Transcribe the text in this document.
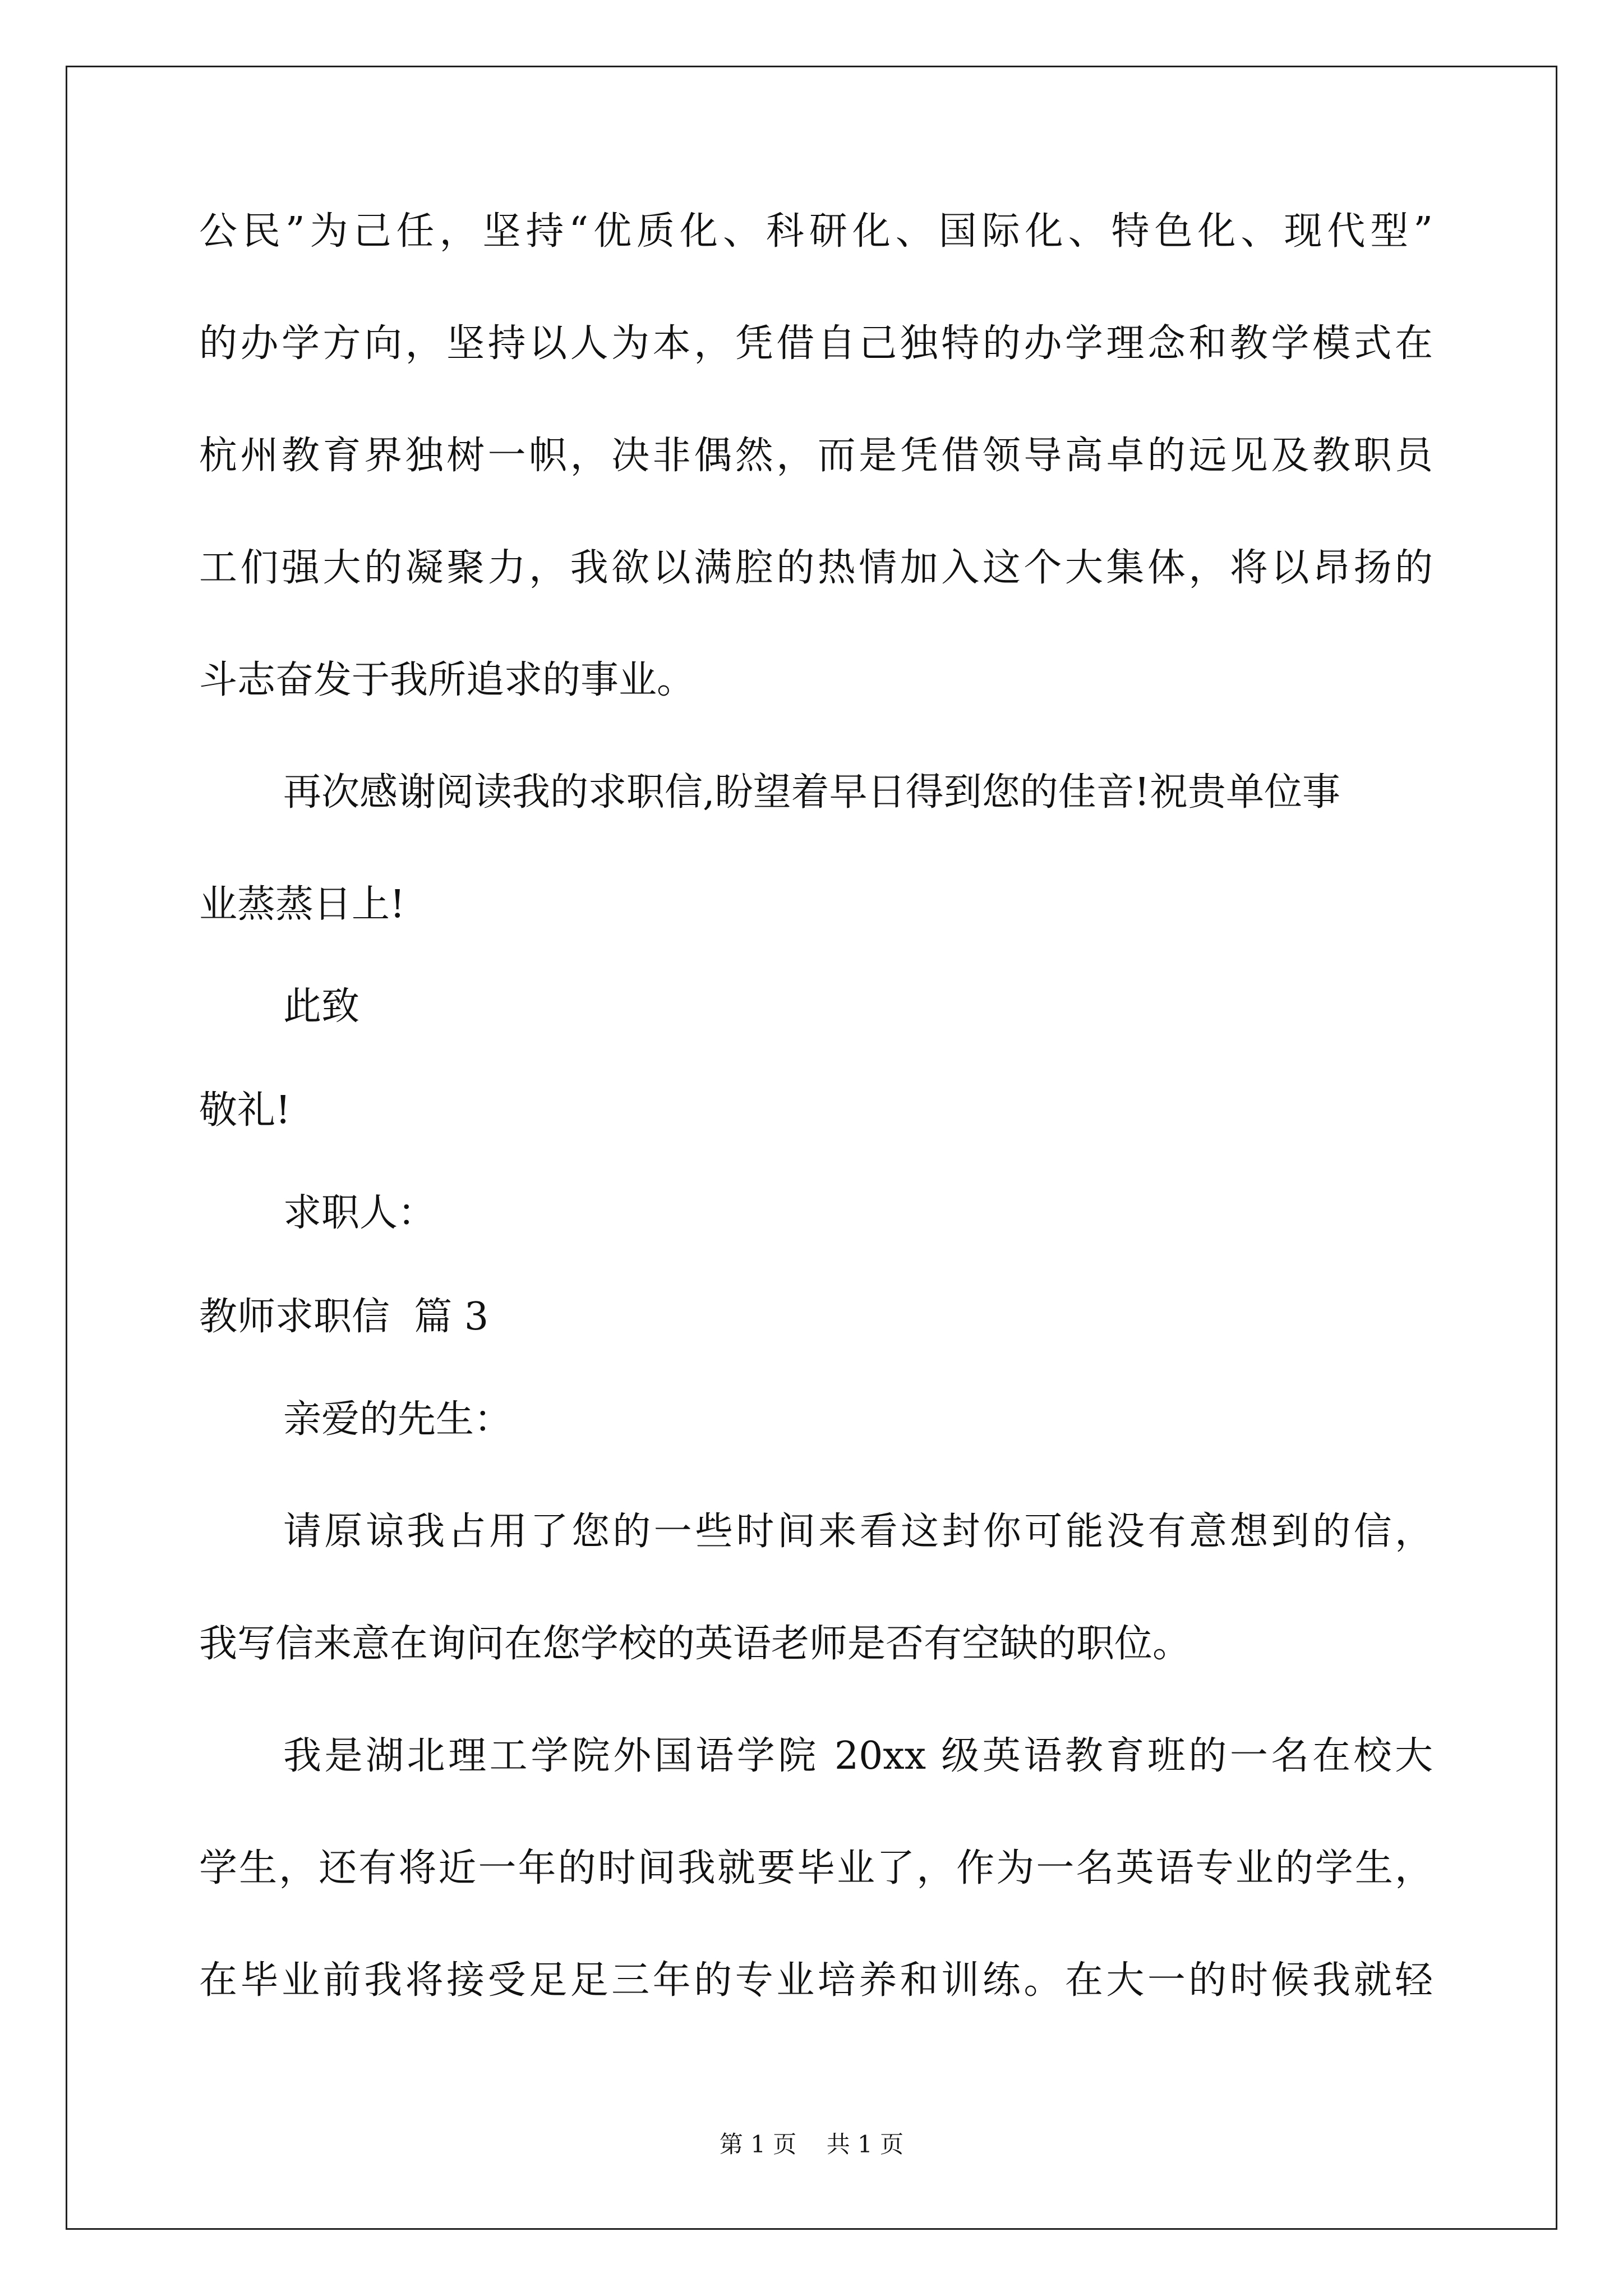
公民”为己任，坚持“优质化、科研化、国际化、特色化、现代型”
的办学方向，坚持以人为本，凭借自己独特的办学理念和教学模式在
杭州教育界独树一帜，决非偶然，而是凭借领导高卓的远见及教职员
工们强大的凝聚力，我欲以满腔的热情加入这个大集体，将以昂扬的
斗志奋发于我所追求的事业。
再次感谢阅读我的求职信,盼望着早日得到您的佳音!祝贵单位事
业蒸蒸日上!
此致
敬礼!
求职人：
教师求职信  篇 3
亲爱的先生：
请原谅我占用了您的一些时间来看这封你可能没有意想到的信，
我写信来意在询问在您学校的英语老师是否有空缺的职位。
我是湖北理工学院外国语学院 20xx 级英语教育班的一名在校大
学生，还有将近一年的时间我就要毕业了，作为一名英语专业的学生，
在毕业前我将接受足足三年的专业培养和训练。在大一的时候我就轻
第 1 页    共 1 页
